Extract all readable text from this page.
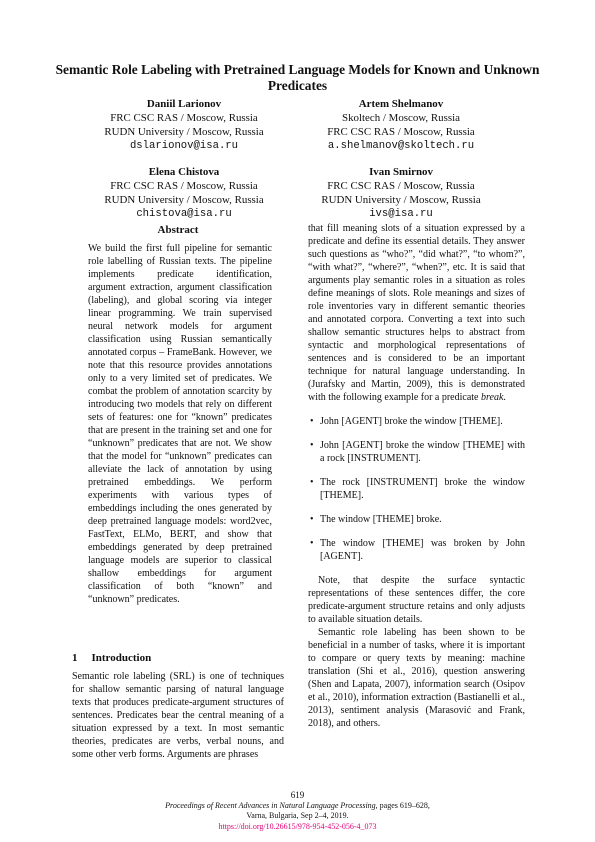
Semantic Role Labeling with Pretrained Language Models for Known and Unknown Predicates
Daniil Larionov
FRC CSC RAS / Moscow, Russia
RUDN University / Moscow, Russia
dslarionov@isa.ru
Artem Shelmanov
Skoltech / Moscow, Russia
FRC CSC RAS / Moscow, Russia
a.shelmanov@skoltech.ru
Elena Chistova
FRC CSC RAS / Moscow, Russia
RUDN University / Moscow, Russia
chistova@isa.ru
Ivan Smirnov
FRC CSC RAS / Moscow, Russia
RUDN University / Moscow, Russia
ivs@isa.ru
Abstract

We build the first full pipeline for semantic role labelling of Russian texts. The pipeline implements predicate identification, argument extraction, argument classification (labeling), and global scoring via integer linear programming. We train supervised neural network models for argument classification using Russian semantically annotated corpus – FrameBank. However, we note that this resource provides annotations only to a very limited set of predicates. We combat the problem of annotation scarcity by introducing two models that rely on different sets of features: one for “known” predicates that are present in the training set and one for “unknown” predicates that are not. We show that the model for “unknown” predicates can alleviate the lack of annotation by using pretrained embeddings. We perform experiments with various types of embeddings including the ones generated by deep pretrained language models: word2vec, FastText, ELMo, BERT, and show that embeddings generated by deep pretrained language models are superior to classical shallow embeddings for argument classification of both “known” and “unknown” predicates.

1 Introduction

Semantic role labeling (SRL) is one of techniques for shallow semantic parsing of natural language texts that produces predicate-argument structures of sentences. Predicates bear the central meaning of a situation expressed by a text. In most semantic theories, predicates are verbs, verbal nouns, and some other verb forms. Arguments are phrases

that fill meaning slots of a situation expressed by a predicate and define its essential details. They answer such questions as “who?”, “did what?”, “to whom?”, “with what?”, “where?”, “when?”, etc. It is said that arguments play semantic roles in a situation as roles define meanings of slots. Role meanings and sizes of role inventories vary in different semantic theories and annotated corpora. Converting a text into such shallow semantic structures helps to abstract from syntactic and morphological representations of sentences and is considered to be an important technique for natural language understanding. In (Jurafsky and Martin, 2009), this is demonstrated with the following example for a predicate break.

• John [AGENT] broke the window [THEME].
• John [AGENT] broke the window [THEME] with a rock [INSTRUMENT].
• The rock [INSTRUMENT] broke the window [THEME].
• The window [THEME] broke.
• The window [THEME] was broken by John [AGENT].

Note, that despite the surface syntactic representations of these sentences differ, the core predicate-argument structure retains and only adjusts to available situation details.

Semantic role labeling has been shown to be beneficial in a number of tasks, where it is important to compare or query texts by meaning: machine translation (Shi et al., 2016), question answering (Shen and Lapata, 2007), information search (Osipov et al., 2010), information extraction (Bastianelli et al., 2013), sentiment analysis (Marasović and Frank, 2018), and others.

619
Proceedings of Recent Advances in Natural Language Processing, pages 619–628,
Varna, Bulgaria, Sep 2–4, 2019.
https://doi.org/10.26615/978-954-452-056-4_073
